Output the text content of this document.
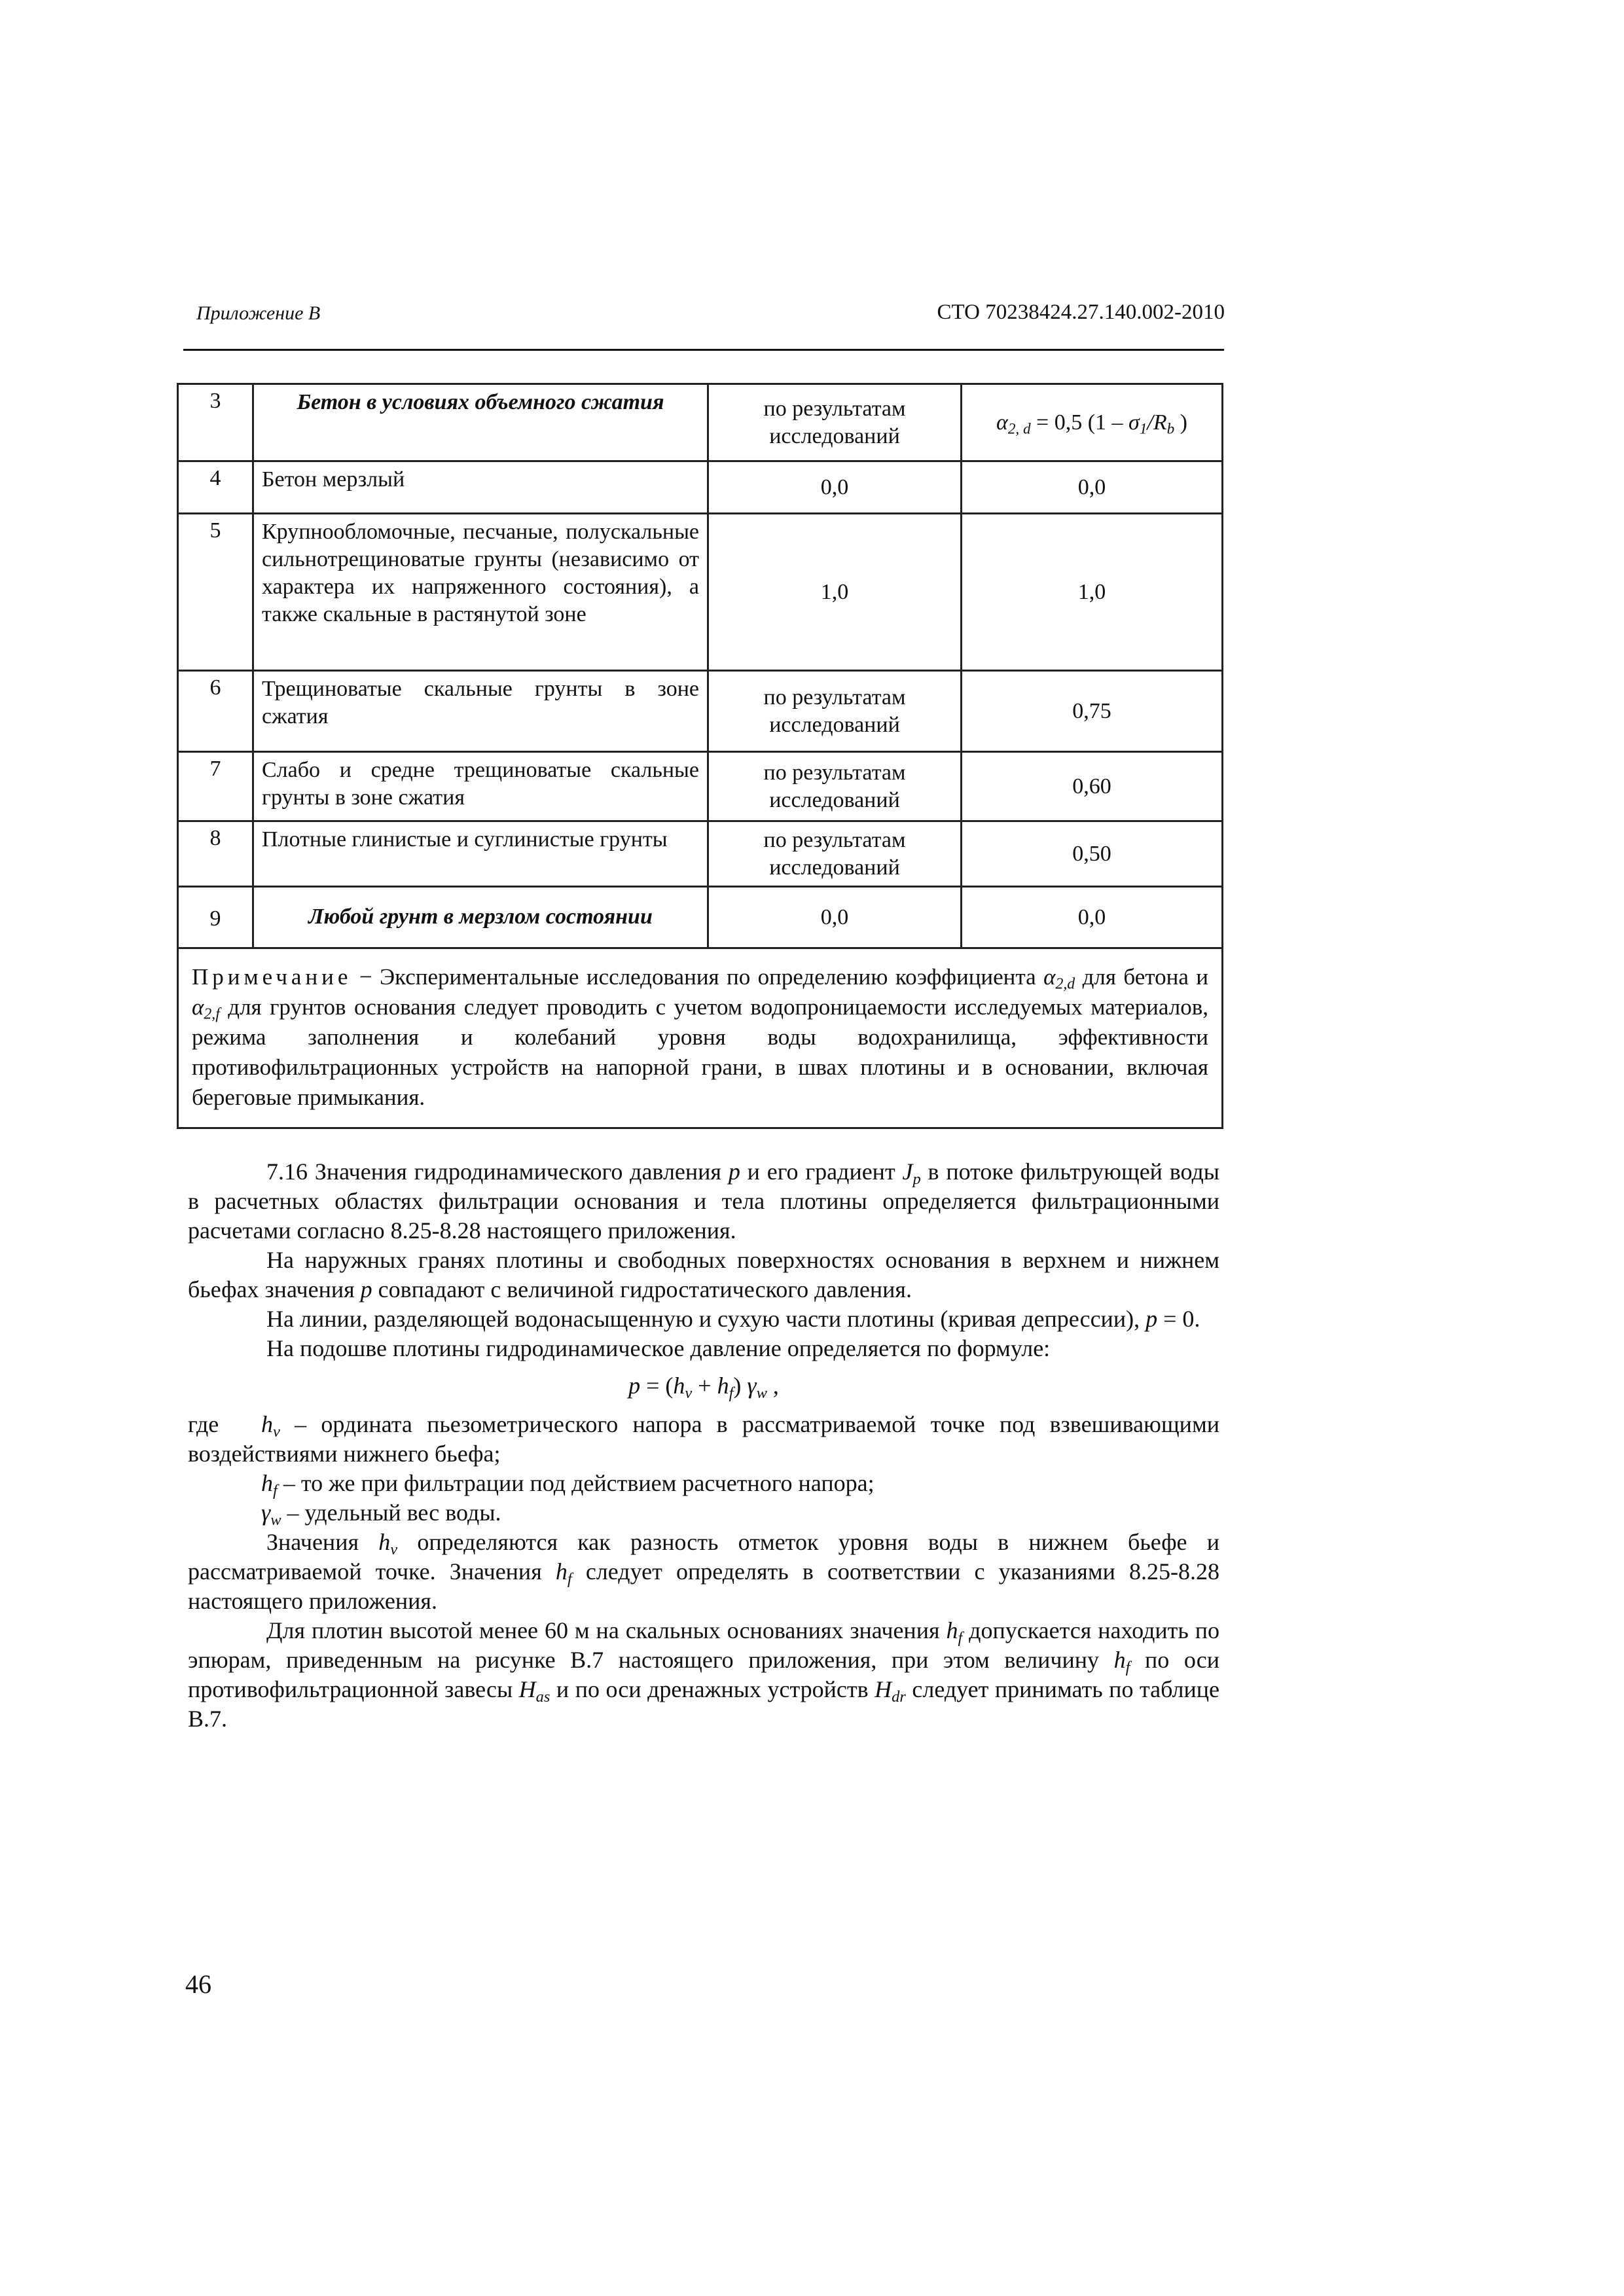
Приложение В	СТО 70238424.27.140.002-2010
3	Бетон в условиях объемного сжатия	по результатам исследований	$\alpha_{2, d} = 0,5$ ($1 - \sigma_1/R_b$ )
4	Бетон мерзлый	0,0	0,0
5	Крупнообломочные, песчаные, полускальные сильнотрещиноватые грунты (независимо от характера их напряженного состояния), а также скальные в растянутой зоне	1,0	1,0
6	Трещиноватые скальные грунты в зоне сжатия	по результатам исследований	0,75
7	Слабо и средне трещиноватые скальные грунты в зоне сжатия	по результатам исследований	0,60
8	Плотные глинистые и суглинистые грунты	по результатам исследований	0,50
9	Любой грунт в мерзлом состоянии	0,0	0,0
Примечание − Экспериментальные исследования по определению коэффициента $\alpha_{2,d}$ для бетона и $\alpha_{2,f}$ для грунтов основания следует проводить с учетом водопроницаемости исследуемых материалов, режима заполнения и колебаний уровня воды водохранилища, эффективности противофильтрационных устройств на напорной грани, в швах плотины и в основании, включая береговые примыкания.			

7.16 Значения гидродинамического давления p и его градиент $J_p$ в потоке фильтрующей воды в расчетных областях фильтрации основания и тела плотины определяется фильтрационными расчетами согласно 8.25-8.28 настоящего приложения.

На наружных гранях плотины и свободных поверхностях основания в верхнем и нижнем бьефах значения p совпадают с величиной гидростатического давления.

На линии, разделяющей водонасыщенную и сухую части плотины (кривая депрессии), p = 0.

На подошве плотины гидродинамическое давление определяется по формуле:

$p = (h_v + h_f)$ $\gamma_w$ ,

где $h_v$ – ордината пьезометрического напора в рассматриваемой точке под взвешивающими воздействиями нижнего бьефа;

$h_f$ – то же при фильтрации под действием расчетного напора;

$\gamma_w$ – удельный вес воды.

Значения $h_v$ определяются как разность отметок уровня воды в нижнем бьефе и рассматриваемой точке. Значения $h_f$ следует определять в соответствии с указаниями 8.25-8.28 настоящего приложения.

Для плотин высотой менее 60 м на скальных основаниях значения $h_f$ допускается находить по эпюрам, приведенным на рисунке В.7 настоящего приложения, при этом величину $h_f$ по оси противофильтрационной завесы $H_{as}$ и по оси дренажных устройств $H_{dr}$ следует принимать по таблице В.7.

46
